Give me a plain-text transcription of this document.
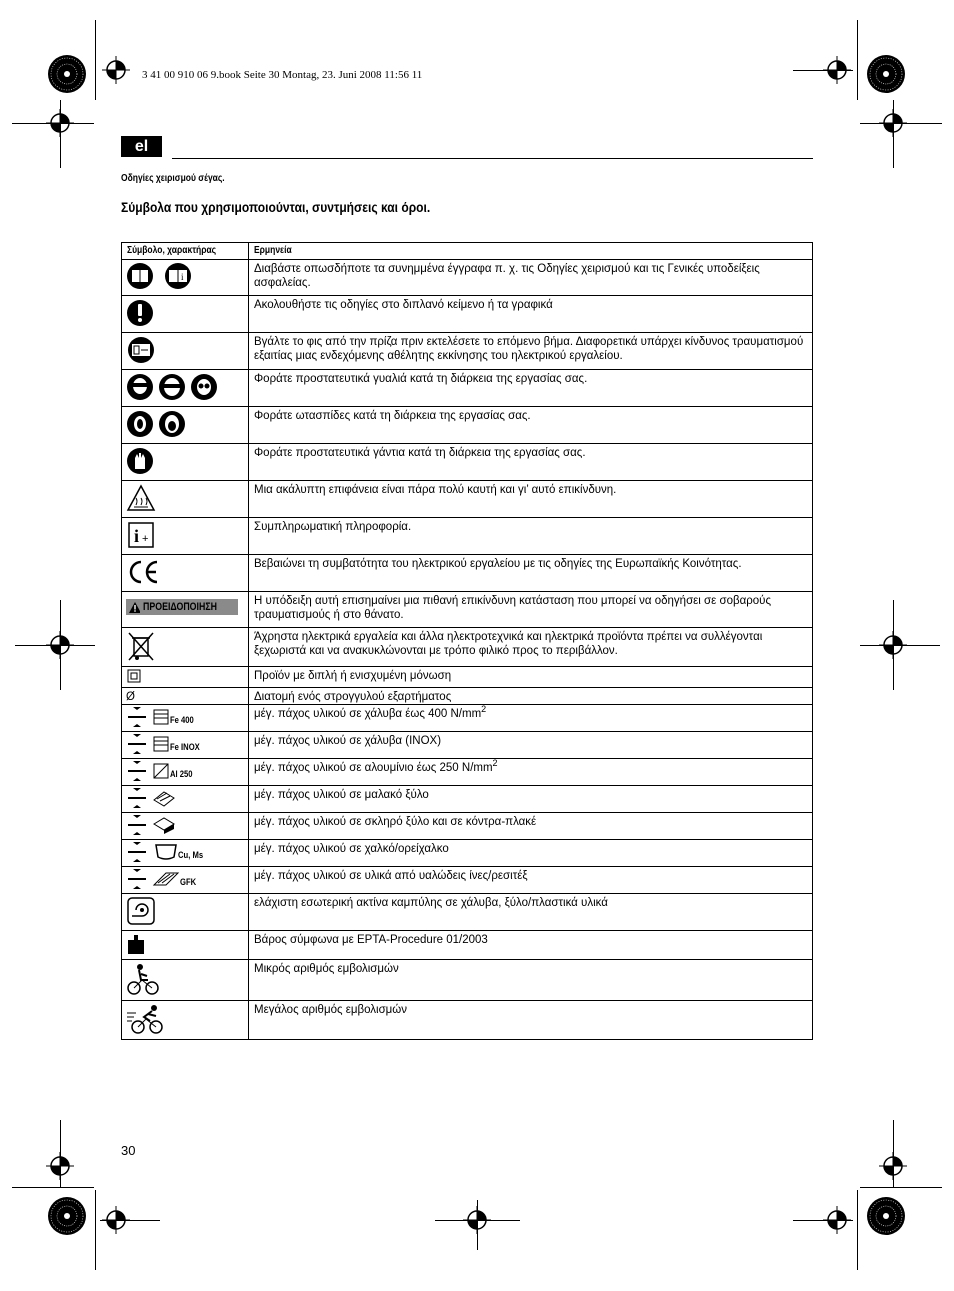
3 41 00 910 06 9.book Seite 30 Montag, 23. Juni 2008 11:56 11
el
Οδηγίες χειρισμού σέγας.
Σύμβολα που χρησιμοποιούνται, συντμήσεις και όροι.
Σύμβολο, χαρακτήρας	Ερμηνεία

i	Διαβάστε οπωσδήποτε τα συνημμένα έγγραφα π. χ. τις Οδηγίες χειρισμού και τις Γενικές υποδείξεις ασφαλείας.
	Ακολουθήστε τις οδηγίες στο διπλανό κείμενο ή τα γραφικά
	Βγάλτε το φις από την πρίζα πριν εκτελέσετε το επόμενο βήμα. Διαφορετικά υπάρχει κίνδυνος τραυματισμού εξαιτίας μιας ενδεχόμενης αθέλητης εκκίνησης του ηλεκτρικού εργαλείου.
	Φοράτε προστατευτικά γυαλιά κατά τη διάρκεια της εργασίας σας.
	Φοράτε ωτασπίδες κατά τη διάρκεια της εργασίας σας.
	Φοράτε προστατευτικά γάντια κατά τη διάρκεια της εργασίας σας.
	Μια ακάλυπτη επιφάνεια είναι πάρα πολύ καυτή και γι’ αυτό επικίνδυνη.

i +	Συμπληρωματική πληροφορία.
	Βεβαιώνει τη συμβατότητα του ηλεκτρικού εργαλείου με τις οδηγίες της Ευρωπαϊκής Κοινότητας.

ΠΡΟΕΙΔΟΠΟΙΗΣΗ	Η υπόδειξη αυτή επισημαίνει μια πιθανή επικίνδυνη κατάσταση που μπορεί να οδηγήσει σε σοβαρούς τραυματισμούς ή στο θάνατο.
	Άχρηστα ηλεκτρικά εργαλεία και άλλα ηλεκτροτεχνικά και ηλεκτρικά προϊόντα πρέπει να συλλέγονται ξεχωριστά και να ανακυκλώνονται με τρόπο φιλικό προς το περιβάλλον.
	Προϊόν με διπλή ή ενισχυμένη μόνωση
Ø	Διατομή ενός στρογγυλού εξαρτήματος
Fe 400	μέγ. πάχος υλικού σε χάλυβα έως 400 $N/mm^2$
Fe INOX	μέγ. πάχος υλικού σε χάλυβα (INOX)
Al 250	μέγ. πάχος υλικού σε αλουμίνιο έως 250 $N/mm^2$
	μέγ. πάχος υλικού σε μαλακό ξύλο
	μέγ. πάχος υλικού σε σκληρό ξύλο και σε κόντρα-πλακέ
Cu, Ms	μέγ. πάχος υλικού σε χαλκό/ορείχαλκο
GFK	μέγ. πάχος υλικού σε υλικά από υαλώδεις ίνες/ρεσιτέξ
	ελάχιστη εσωτερική ακτίνα καμπύλης σε χάλυβα, ξύλο/πλαστικά υλικά
	Βάρος σύμφωνα με EPTA-Procedure 01/2003
	Μικρός αριθμός εμβολισμών
	Μεγάλος αριθμός εμβολισμών
30
